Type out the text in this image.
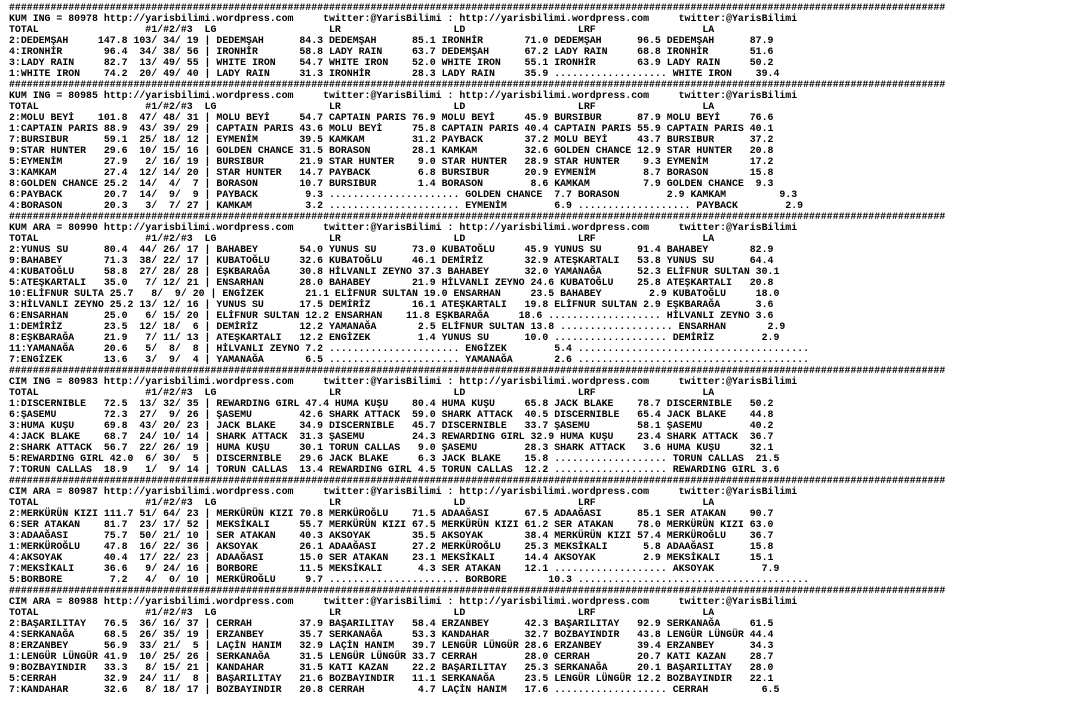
##############################################################################################################################################################
KUM ING = 80978 http://yarisbilimi.wordpress.com     twitter:@YarisBilimi : http://yarisbilimi.wordpress.com     twitter:@YarisBilimi
TOTAL                  #1/#2/#3  LG                   LR                   LD                   LRF                  LA
2:DEDEMŞAH     147.8 103/ 34/ 19 | DEDEMŞAH      84.3 DEDEMŞAH      85.1 IRONHİR       71.0 DEDEMŞAH      96.5 DEDEMŞAH      87.9
4:IRONHİR       96.4  34/ 38/ 56 | IRONHİR       58.8 LADY RAIN     63.7 DEDEMŞAH      67.2 LADY RAIN     68.8 IRONHİR       51.6
3:LADY RAIN     82.7  13/ 49/ 55 | WHITE IRON    54.7 WHITE IRON    52.0 WHITE IRON    55.1 IRONHİR       63.9 LADY RAIN     50.2
1:WHITE IRON    74.2  20/ 49/ 40 | LADY RAIN     31.3 IRONHİR       28.3 LADY RAIN     35.9 ................... WHITE IRON    39.4
##############################################################################################################################################################
KUM ING = 80985 http://yarisbilimi.wordpress.com     twitter:@YarisBilimi : http://yarisbilimi.wordpress.com     twitter:@YarisBilimi
TOTAL                  #1/#2/#3  LG                   LR                   LD                   LRF                  LA
2:MOLU BEYİ    101.8  47/ 48/ 31 | MOLU BEYİ     54.7 CAPTAIN PARIS 76.9 MOLU BEYİ     45.9 BURSIBUR      87.9 MOLU BEYİ     76.6
1:CAPTAIN PARIS 88.9  43/ 39/ 29 | CAPTAIN PARIS 43.6 MOLU BEYİ     75.8 CAPTAIN PARIS 40.4 CAPTAIN PARIS 55.9 CAPTAIN PARIS 40.1
7:BURSIBUR      59.1  25/ 18/ 12 | EYMENİM       39.5 KAMKAM        31.2 PAYBACK       37.2 MOLU BEYİ     43.7 BURSIBUR      37.2
9:STAR HUNTER   29.6  10/ 15/ 16 | GOLDEN CHANCE 31.5 BORASON       28.1 KAMKAM        32.6 GOLDEN CHANCE 12.9 STAR HUNTER   20.8
5:EYMENİM       27.9   2/ 16/ 19 | BURSIBUR      21.9 STAR HUNTER    9.0 STAR HUNTER   28.9 STAR HUNTER    9.3 EYMENİM       17.2
3:KAMKAM        27.4  12/ 14/ 20 | STAR HUNTER   14.7 PAYBACK        6.8 BURSIBUR      20.9 EYMENİM        8.7 BORASON       15.8
8:GOLDEN CHANCE 25.2  14/  4/  7 | BORASON       10.7 BURSIBUR       1.4 BORASON        8.6 KAMKAM         7.9 GOLDEN CHANCE  9.3
6:PAYBACK       20.7  14/  9/  9 | PAYBACK        9.3 ...................... GOLDEN CHANCE  7.7 BORASON        2.9 KAMKAM         9.3
4:BORASON       20.3   3/  7/ 27 | KAMKAM         3.2 ...................... EYMENİM        6.9 ................... PAYBACK        2.9
##############################################################################################################################################################
KUM ARA = 80990 http://yarisbilimi.wordpress.com     twitter:@YarisBilimi : http://yarisbilimi.wordpress.com     twitter:@YarisBilimi
TOTAL                  #1/#2/#3  LG                   LR                   LD                   LRF                  LA
2:YUNUS SU      80.4  44/ 26/ 17 | BAHABEY       54.0 YUNUS SU      73.0 KUBATOĞLU     45.9 YUNUS SU      91.4 BAHABEY       82.9
9:BAHABEY       71.3  38/ 22/ 17 | KUBATOĞLU     32.6 KUBATOĞLU     46.1 DEMİRİZ       32.9 ATEŞKARTALI   53.8 YUNUS SU      64.4
4:KUBATOĞLU     58.8  27/ 28/ 28 | EŞKBARAĞA     30.8 HİLVANLI ZEYNO 37.3 BAHABEY      32.0 YAMANAĞA      52.3 ELİFNUR SULTAN 30.1
5:ATEŞKARTALI   35.0   7/ 12/ 21 | ENSARHAN      28.0 BAHABEY       21.9 HİLVANLI ZEYNO 24.6 KUBATOĞLU    25.8 ATEŞKARTALI   20.8
10:ELİFNUR SULTA 25.7   8/  9/ 20 | ENGİZEK       21.1 ELİFNUR SULTAN 19.0 ENSARHAN     23.5 BAHABEY        2.9 KUBATOĞLU     18.0
3:HİLVANLI ZEYNO 25.2 13/ 12/ 16 | YUNUS SU      17.5 DEMİRİZ       16.1 ATEŞKARTALI   19.8 ELİFNUR SULTAN 2.9 EŞKBARAĞA      3.6
6:ENSARHAN      25.0   6/ 15/ 20 | ELİFNUR SULTAN 12.2 ENSARHAN    11.8 EŞKBARAĞA     18.6 ................... HİLVANLI ZEYNO 3.6
1:DEMİRİZ       23.5  12/ 18/  6 | DEMİRİZ       12.2 YAMANAĞA       2.5 ELİFNUR SULTAN 13.8 ................... ENSARHAN       2.9
8:EŞKBARAĞA     21.9   7/ 11/ 13 | ATEŞKARTALI   12.2 ENGİZEK        1.4 YUNUS SU      10.0 ................... DEMİRİZ        2.9
11:YAMANAĞA     20.6   5/  8/  8 | HİLVANLI ZEYNO 7.2 ...................... ENGİZEK        5.4 .......................................
7:ENGİZEK       13.6   3/  9/  4 | YAMANAĞA       6.5 ...................... YAMANAĞA       2.6 .......................................
##############################################################################################################################################################
CIM ING = 80983 http://yarisbilimi.wordpress.com     twitter:@YarisBilimi : http://yarisbilimi.wordpress.com     twitter:@YarisBilimi
TOTAL                  #1/#2/#3  LG                   LR                   LD                   LRF                  LA
1:DISCERNIBLE   72.5  13/ 32/ 35 | REWARDING GIRL 47.4 HUMA KUŞU    80.4 HUMA KUŞU     65.8 JACK BLAKE    78.7 DISCERNIBLE   50.2
6:ŞASEMU        72.3  27/  9/ 26 | ŞASEMU        42.6 SHARK ATTACK  59.0 SHARK ATTACK  40.5 DISCERNIBLE   65.4 JACK BLAKE    44.8
3:HUMA KUŞU     69.8  43/ 20/ 23 | JACK BLAKE    34.9 DISCERNIBLE   45.7 DISCERNIBLE   33.7 ŞASEMU        58.1 ŞASEMU        40.2
4:JACK BLAKE    68.7  24/ 10/ 14 | SHARK ATTACK  31.3 ŞASEMU        24.3 REWARDING GIRL 32.9 HUMA KUŞU    23.4 SHARK ATTACK  36.7
2:SHARK ATTACK  56.7  22/ 26/ 19 | HUMA KUŞU     30.1 TORUN CALLAS   9.0 ŞASEMU        28.3 SHARK ATTACK   3.6 HUMA KUŞU     32.1
5:REWARDING GIRL 42.0  6/ 30/  5 | DISCERNIBLE   29.6 JACK BLAKE     6.3 JACK BLAKE    15.8 ................... TORUN CALLAS  21.5
7:TORUN CALLAS  18.9   1/  9/ 14 | TORUN CALLAS  13.4 REWARDING GIRL 4.5 TORUN CALLAS  12.2 ................... REWARDING GIRL 3.6
##############################################################################################################################################################
CIM ARA = 80987 http://yarisbilimi.wordpress.com     twitter:@YarisBilimi : http://yarisbilimi.wordpress.com     twitter:@YarisBilimi
TOTAL                  #1/#2/#3  LG                   LR                   LD                   LRF                  LA
2:MERKÜRÜN KIZI 111.7 51/ 64/ 23 | MERKÜRÜN KIZI 70.8 MERKÜROĞLU    71.5 ADAAĞASI      67.5 ADAAĞASI      85.1 SER ATAKAN    90.7
6:SER ATAKAN    81.7  23/ 17/ 52 | MEKSİKALI     55.7 MERKÜRÜN KIZI 67.5 MERKÜRÜN KIZI 61.2 SER ATAKAN    78.0 MERKÜRÜN KIZI 63.0
3:ADAAĞASI      75.7  50/ 21/ 10 | SER ATAKAN    40.3 AKSOYAK       35.5 AKSOYAK       38.4 MERKÜRÜN KIZI 57.4 MERKÜROĞLU    36.7
1:MERKÜROĞLU    47.8  16/ 22/ 36 | AKSOYAK       26.1 ADAAĞASI      27.2 MERKÜROĞLU    25.3 MEKSİKALI      5.8 ADAAĞASI      15.8
4:AKSOYAK       40.4  17/ 22/ 23 | ADAAĞASI      15.0 SER ATAKAN    23.1 MEKSİKALI     14.4 AKSOYAK        2.9 MEKSİKALI     15.1
7:MEKSİKALI     36.6   9/ 24/ 16 | BORBORE       11.5 MEKSİKALI      4.3 SER ATAKAN    12.1 ................... AKSOYAK        7.9
5:BORBORE        7.2   4/  0/ 10 | MERKÜROĞLU     9.7 ...................... BORBORE       10.3 .......................................
##############################################################################################################################################################
CIM ARA = 80988 http://yarisbilimi.wordpress.com     twitter:@YarisBilimi : http://yarisbilimi.wordpress.com     twitter:@YarisBilimi
TOTAL                  #1/#2/#3  LG                   LR                   LD                   LRF                  LA
2:BAŞARILITAY   76.5  36/ 16/ 37 | CERRAH        37.9 BAŞARILITAY   58.4 ERZANBEY      42.3 BAŞARILITAY   92.9 SERKANAĞA     61.5
4:SERKANAĞA     68.5  26/ 35/ 19 | ERZANBEY      35.7 SERKANAĞA     53.3 KANDAHAR      32.7 BOZBAYINDIR   43.8 LENGÜR LÜNGÜR 44.4
8:ERZANBEY      56.9  33/ 21/  5 | LAÇİN HANIM   32.9 LAÇİN HANIM   39.7 LENGÜR LÜNGÜR 28.6 ERZANBEY      39.4 ERZANBEY      34.3
1:LENGÜR LÜNGÜR 41.9  10/ 25/ 26 | SERKANAĞA     31.5 LENGÜR LÜNGÜR 33.7 CERRAH        28.0 CERRAH        20.7 KATI KAZAN    28.7
9:BOZBAYINDIR   33.3   8/ 15/ 21 | KANDAHAR      31.5 KATI KAZAN    22.2 BAŞARILITAY   25.3 SERKANAĞA     20.1 BAŞARILITAY   28.0
5:CERRAH        32.9  24/ 11/  8 | BAŞARILITAY   21.6 BOZBAYINDIR   11.1 SERKANAĞA     23.5 LENGÜR LÜNGÜR 12.2 BOZBAYINDIR   22.1
7:KANDAHAR      32.6   8/ 18/ 17 | BOZBAYINDIR   20.8 CERRAH         4.7 LAÇİN HANIM   17.6 ................... CERRAH         6.5
